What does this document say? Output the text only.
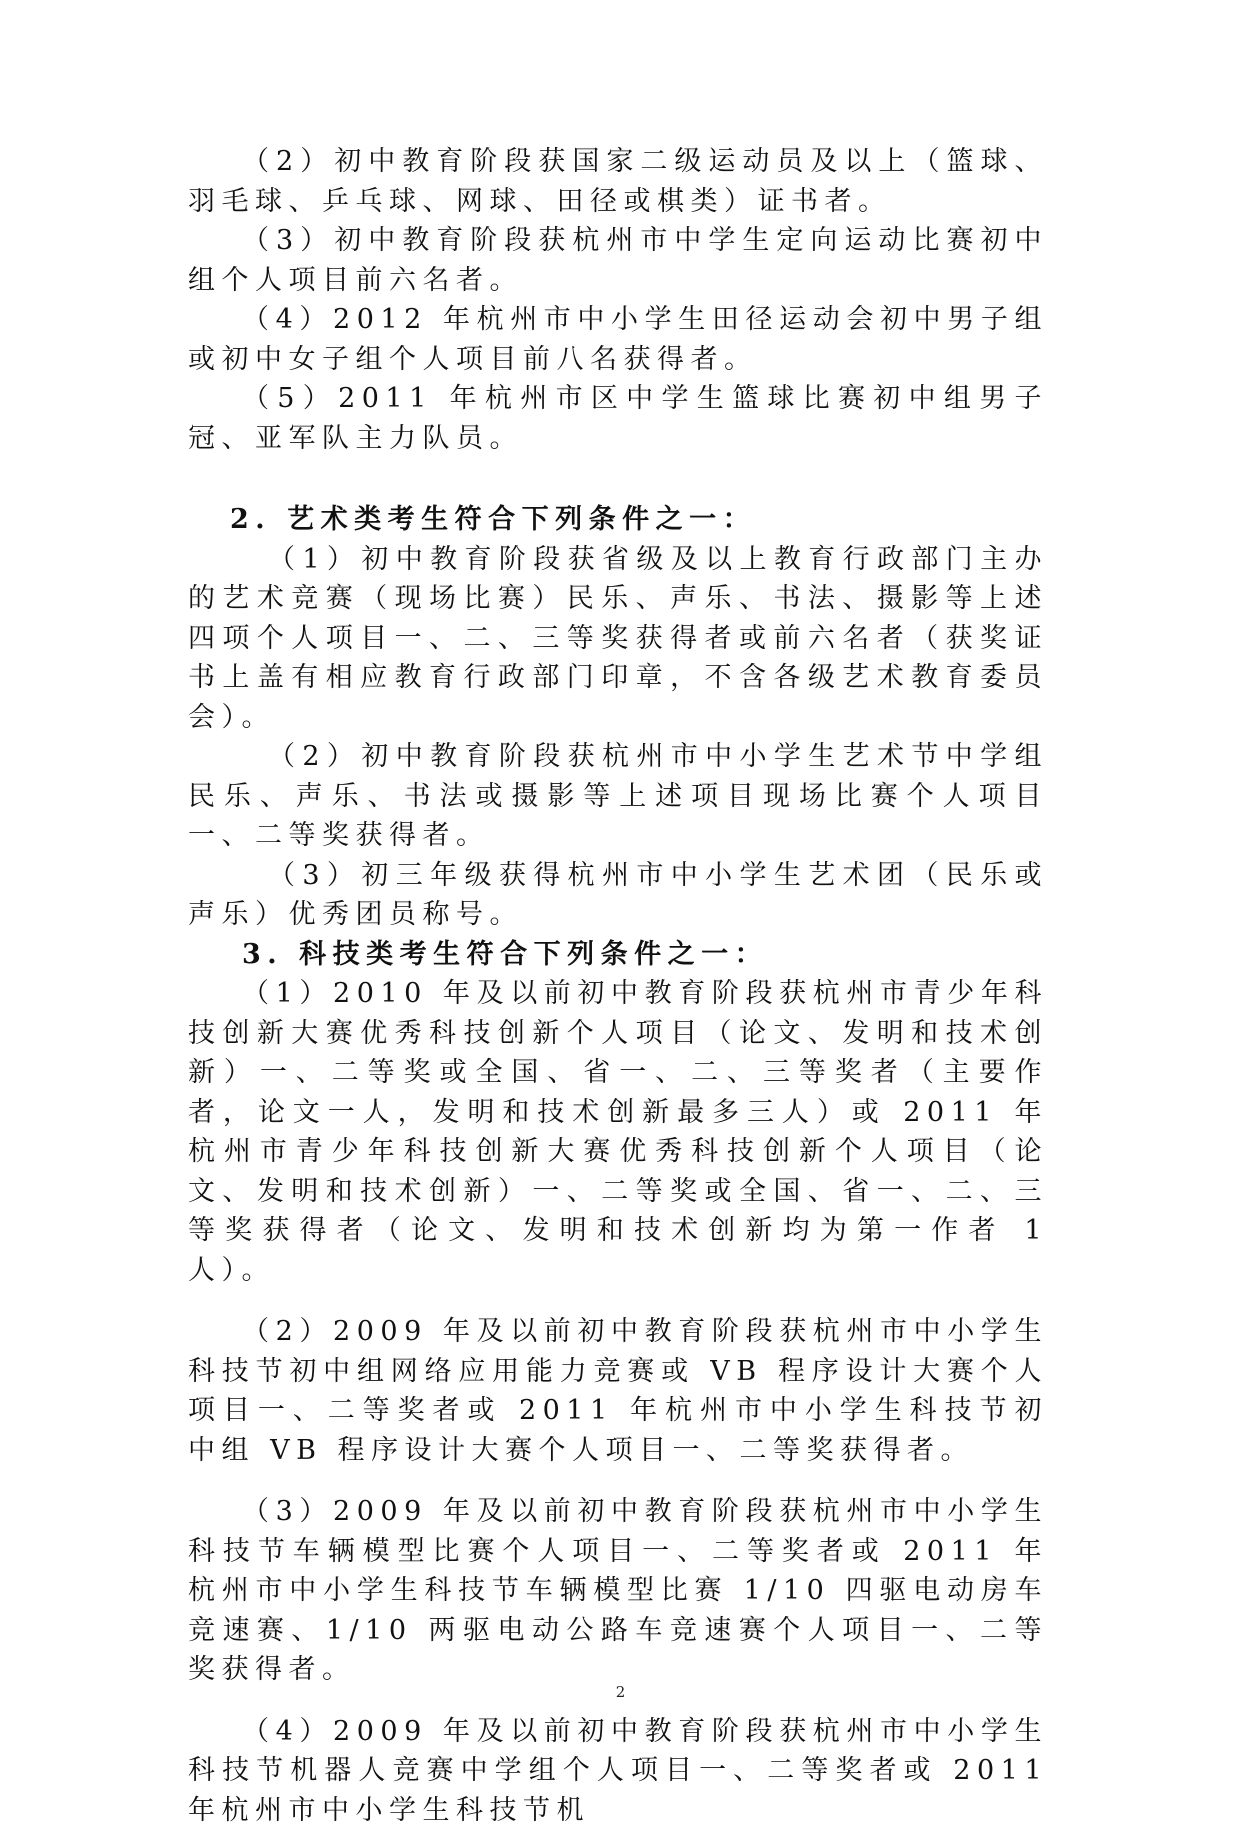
（2）初中教育阶段获国家二级运动员及以上（篮球、羽毛球、乒乓球、网球、田径或棋类）证书者。

（3）初中教育阶段获杭州市中学生定向运动比赛初中组个人项目前六名者。

（4）2012 年杭州市中小学生田径运动会初中男子组或初中女子组个人项目前八名获得者。

（5）2011 年杭州市区中学生篮球比赛初中组男子冠、亚军队主力队员。

2. 艺术类考生符合下列条件之一：

（1）初中教育阶段获省级及以上教育行政部门主办的艺术竞赛（现场比赛）民乐、声乐、书法、摄影等上述四项个人项目一、二、三等奖获得者或前六名者（获奖证书上盖有相应教育行政部门印章，不含各级艺术教育委员会）。

（2）初中教育阶段获杭州市中小学生艺术节中学组民乐、声乐、书法或摄影等上述项目现场比赛个人项目一、二等奖获得者。

（3）初三年级获得杭州市中小学生艺术团（民乐或声乐）优秀团员称号。

3. 科技类考生符合下列条件之一：

（1）2010 年及以前初中教育阶段获杭州市青少年科技创新大赛优秀科技创新个人项目（论文、发明和技术创新）一、二等奖或全国、省一、二、三等奖者（主要作者，论文一人，发明和技术创新最多三人）或 2011 年杭州市青少年科技创新大赛优秀科技创新个人项目（论文、发明和技术创新）一、二等奖或全国、省一、二、三等奖获得者（论文、发明和技术创新均为第一作者 1 人）。

（2）2009 年及以前初中教育阶段获杭州市中小学生科技节初中组网络应用能力竞赛或 VB 程序设计大赛个人项目一、二等奖者或 2011 年杭州市中小学生科技节初中组 VB 程序设计大赛个人项目一、二等奖获得者。

（3）2009 年及以前初中教育阶段获杭州市中小学生科技节车辆模型比赛个人项目一、二等奖者或 2011 年杭州市中小学生科技节车辆模型比赛 1/10 四驱电动房车竞速赛、1/10 两驱电动公路车竞速赛个人项目一、二等奖获得者。

（4）2009 年及以前初中教育阶段获杭州市中小学生科技节机器人竞赛中学组个人项目一、二等奖者或 2011 年杭州市中小学生科技节机

2
